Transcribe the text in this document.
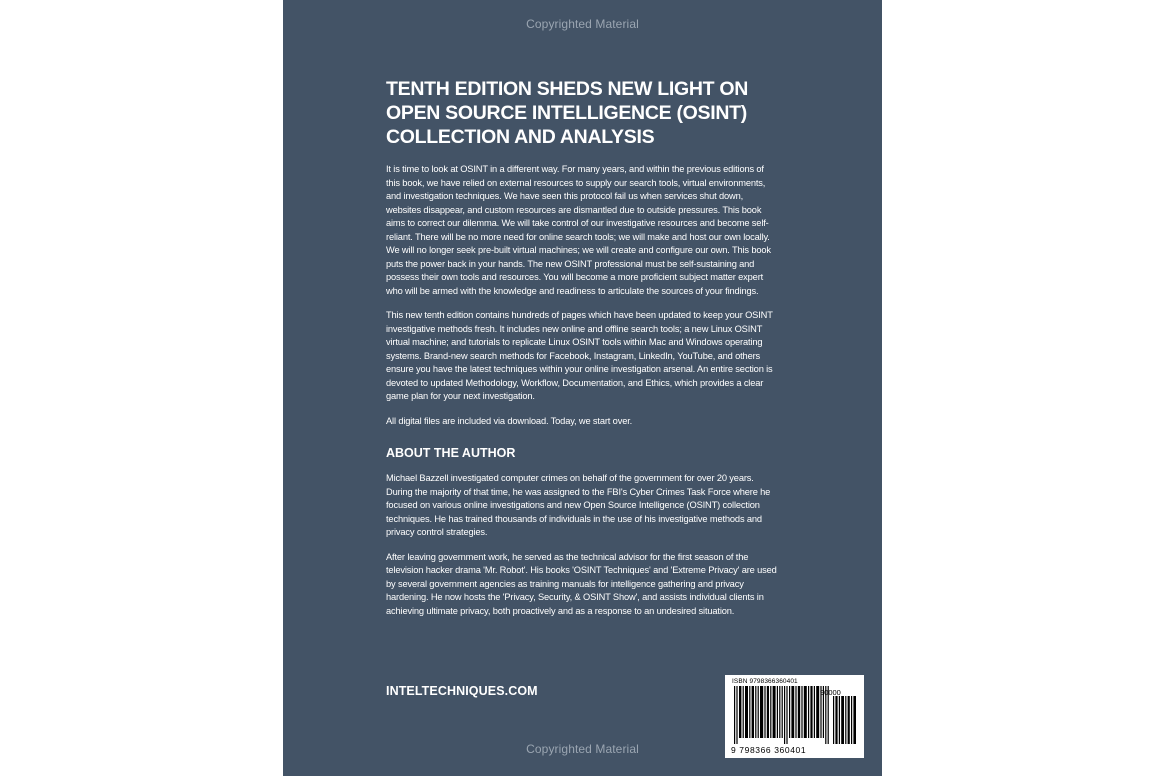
Copyrighted Material
TENTH EDITION SHEDS NEW LIGHT ON
OPEN SOURCE INTELLIGENCE (OSINT)
COLLECTION AND ANALYSIS

It is time to look at OSINT in a different way. For many years, and within the previous editions of this book, we have relied on external resources to supply our search tools, virtual environments, and investigation techniques. We have seen this protocol fail us when services shut down, websites disappear, and custom resources are dismantled due to outside pressures. This book aims to correct our dilemma. We will take control of our investigative resources and become self-reliant. There will be no more need for online search tools; we will make and host our own locally. We will no longer seek pre-built virtual machines; we will create and configure our own. This book puts the power back in your hands. The new OSINT professional must be self-sustaining and possess their own tools and resources. You will become a more proficient subject matter expert who will be armed with the knowledge and readiness to articulate the sources of your findings.

This new tenth edition contains hundreds of pages which have been updated to keep your OSINT investigative methods fresh. It includes new online and offline search tools; a new Linux OSINT virtual machine; and tutorials to replicate Linux OSINT tools within Mac and Windows operating systems. Brand-new search methods for Facebook, Instagram, LinkedIn, YouTube, and others ensure you have the latest techniques within your online investigation arsenal. An entire section is devoted to updated Methodology, Workflow, Documentation, and Ethics, which provides a clear game plan for your next investigation.

All digital files are included via download. Today, we start over.

ABOUT THE AUTHOR

Michael Bazzell investigated computer crimes on behalf of the government for over 20 years. During the majority of that time, he was assigned to the FBI's Cyber Crimes Task Force where he focused on various online investigations and new Open Source Intelligence (OSINT) collection techniques. He has trained thousands of individuals in the use of his investigative methods and privacy control strategies.

After leaving government work, he served as the technical advisor for the first season of the television hacker drama 'Mr. Robot'. His books 'OSINT Techniques' and 'Extreme Privacy' are used by several government agencies as training manuals for intelligence gathering and privacy hardening. He now hosts the 'Privacy, Security, & OSINT Show', and assists individual clients in achieving ultimate privacy, both proactively and as a response to an undesired situation.

INTELTECHNIQUES.COM
ISBN 9798366360401
90000
9 798366 360401
Copyrighted Material
